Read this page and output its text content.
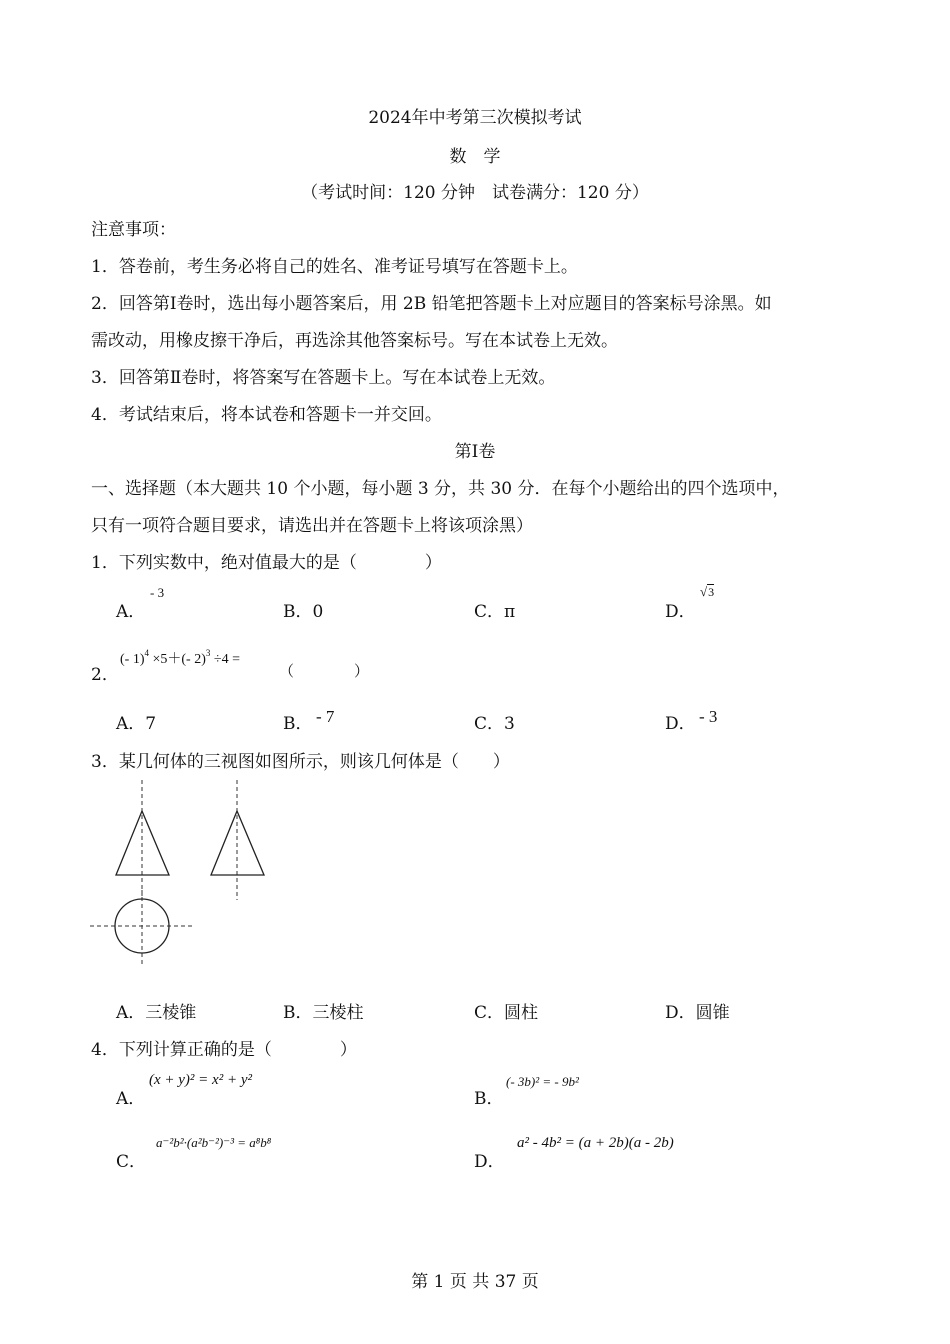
2024年中考第三次模拟考试
数　学
（考试时间：120 分钟　试卷满分：120 分）
注意事项：
1．答卷前，考生务必将自己的姓名、准考证号填写在答题卡上。
2．回答第Ⅰ卷时，选出每小题答案后，用 2B 铅笔把答题卡上对应题目的答案标号涂黑。如
需改动，用橡皮擦干净后，再选涂其他答案标号。写在本试卷上无效。
3．回答第Ⅱ卷时，将答案写在答题卡上。写在本试卷上无效。
4．考试结束后，将本试卷和答题卡一并交回。
第Ⅰ卷
一、选择题（本大题共 10 个小题，每小题 3 分，共 30 分．在每个小题给出的四个选项中，
只有一项符合题目要求，请选出并在答题卡上将该项涂黑）
1．下列实数中，绝对值最大的是（　　　　）
A．
- 3
B．0	C．π	D．
√3
2．
(- 1)$^4$ ×5＋(- 2)$^3$ ÷4 =
（　　　　）
A．7	B． - 7	C．3	D． - 3
3．某几何体的三视图如图所示，则该几何体是（　　）
A．三棱锥	B．三棱柱	C．圆柱	D．圆锥
4．下列计算正确的是（　　　　）
A．
(x + y)² = x² + y²
B．
(- 3b)² = - 9b²
C．
a⁻²b²·(a²b⁻²)⁻³ = a⁸b⁸
D．
a² - 4b² = (a + 2b)(a - 2b)
第 1 页 共 37 页
